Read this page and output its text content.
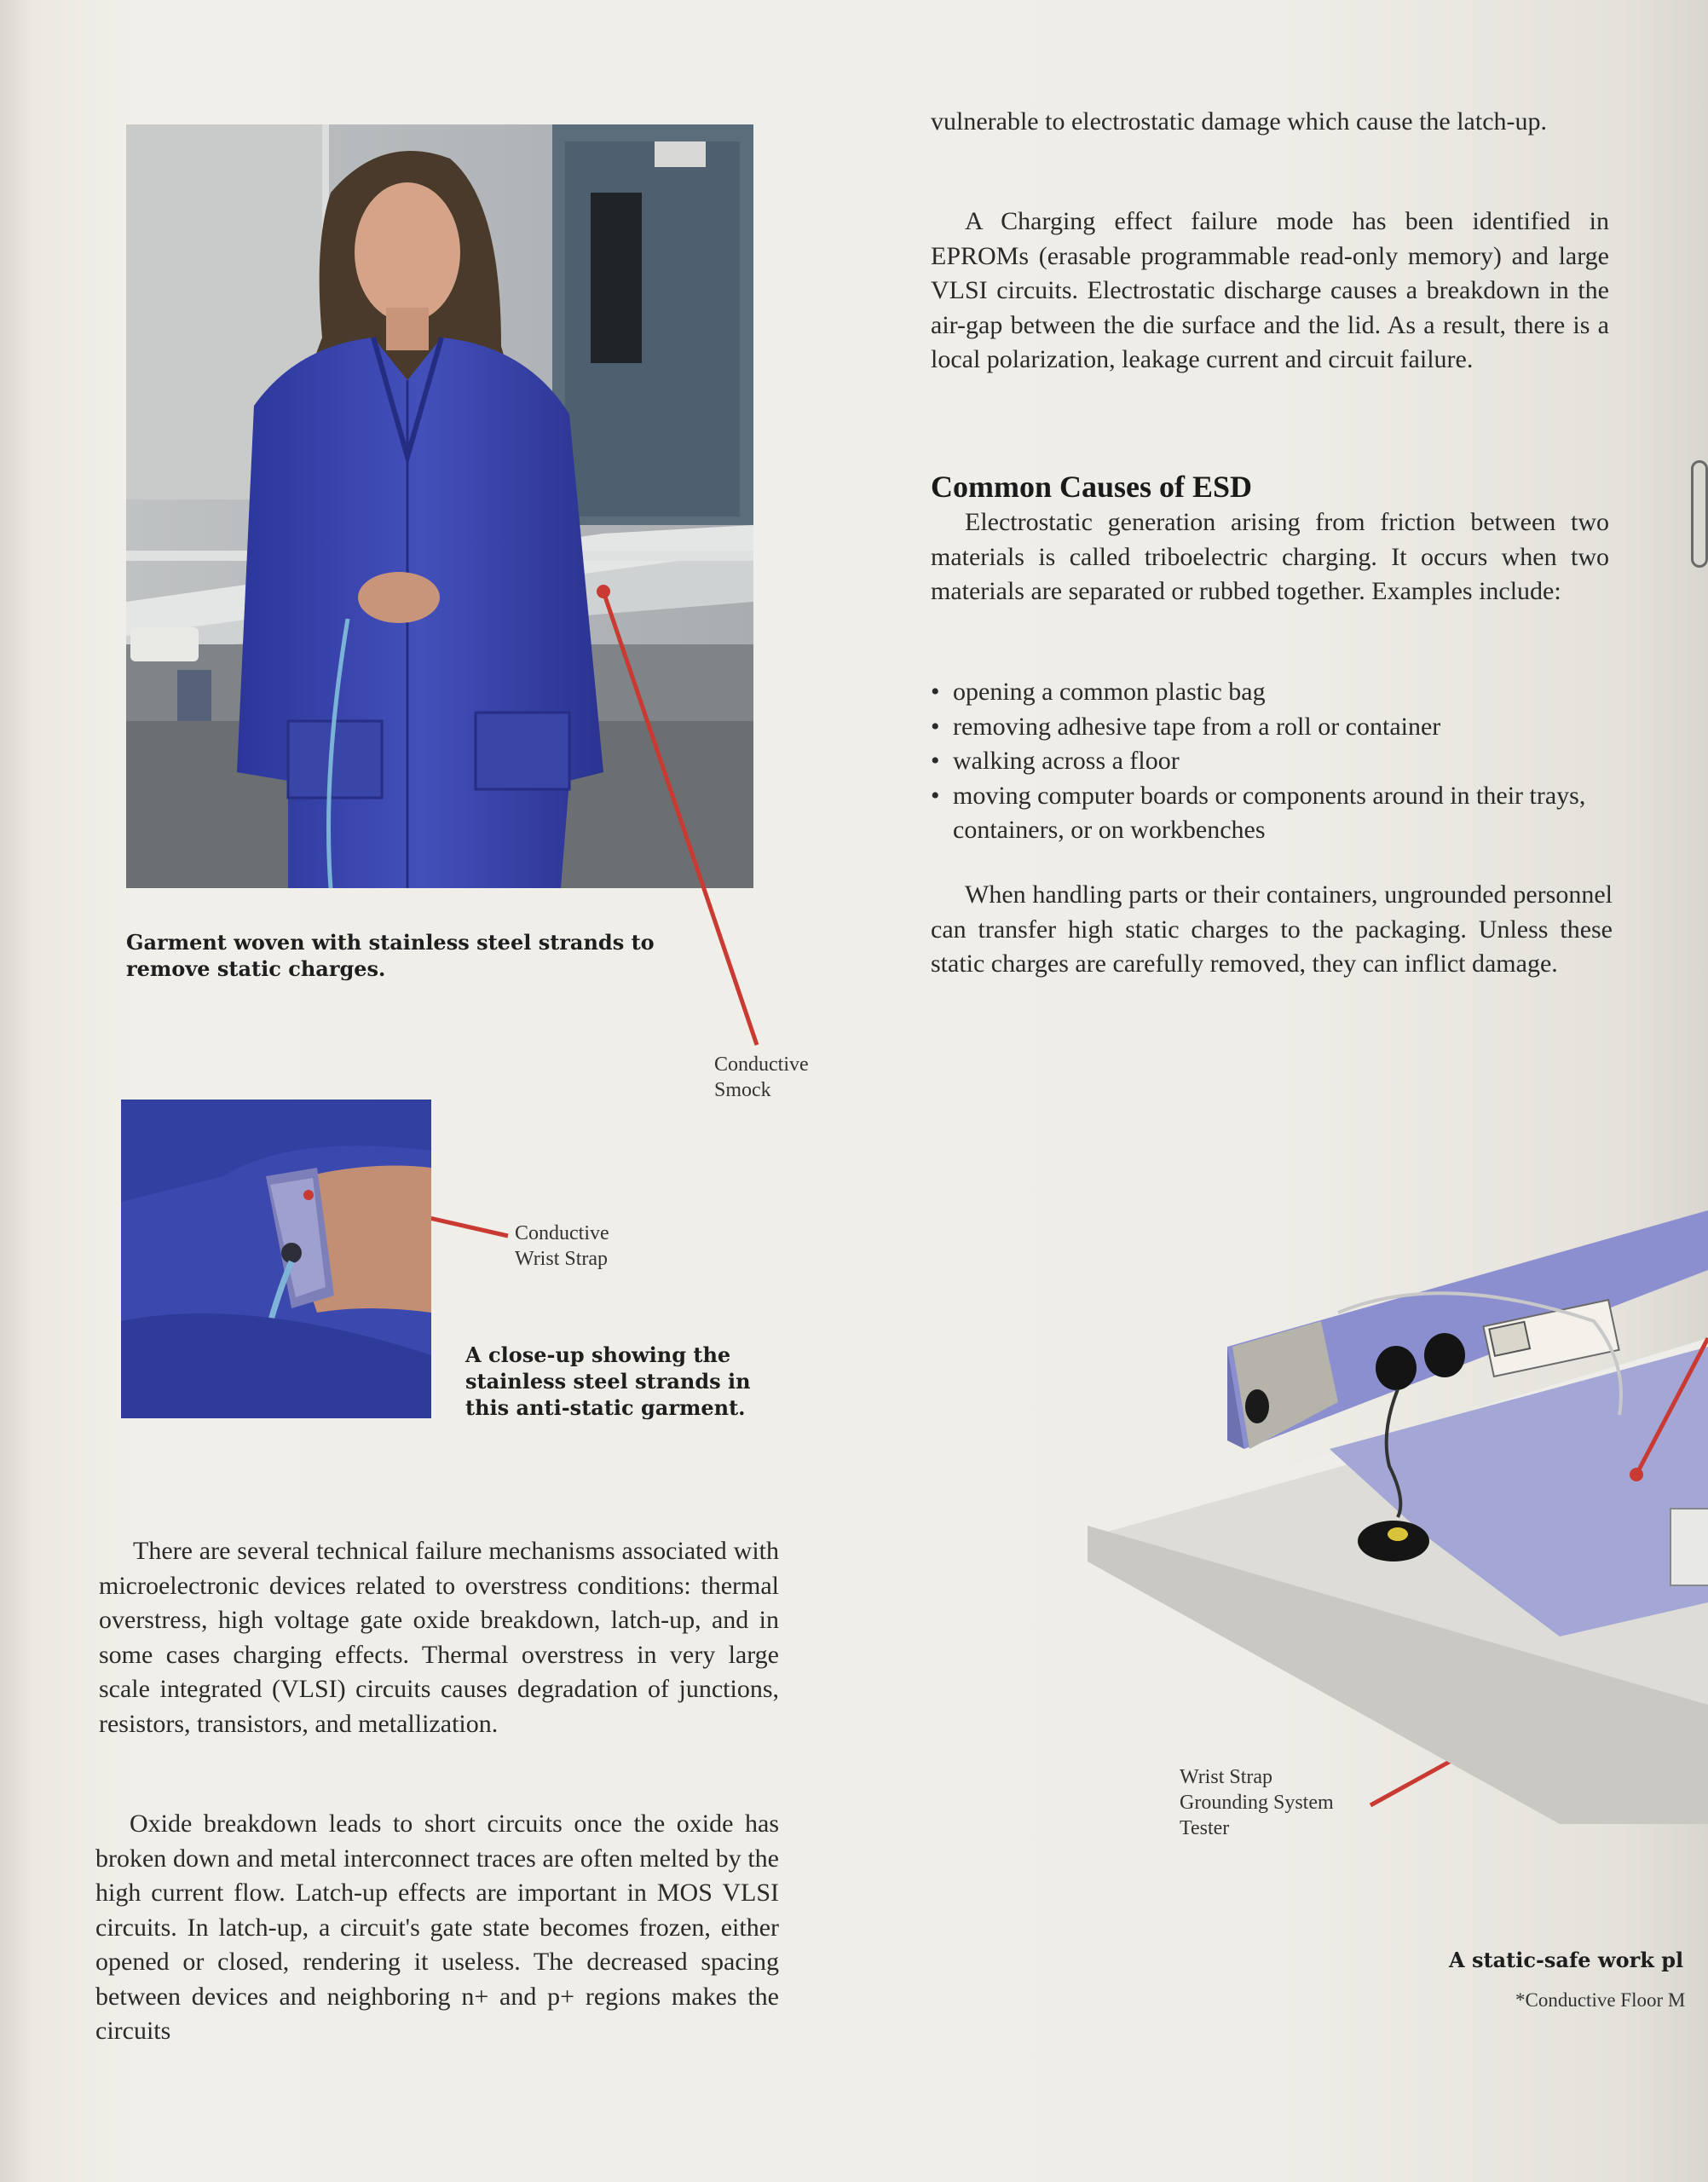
vulnerable to electrostatic damage which cause the latch-up.

A Charging effect failure mode has been identified in EPROMs (erasable programmable read-only memory) and large VLSI circuits. Electrostatic discharge causes a breakdown in the air-gap between the die surface and the lid. As a result, there is a local polarization, leakage current and circuit failure.

Common Causes of ESD

Electrostatic generation arising from friction between two materials is called triboelectric charging. It occurs when two materials are separated or rubbed together. Examples include:

• opening a common plastic bag
• removing adhesive tape from a roll or container
• walking across a floor
• moving computer boards or components around in their trays, containers, or on workbenches

When handling parts or their containers, ungrounded personnel can transfer high static charges to the packaging. Unless these static charges are carefully removed, they can inflict damage.

Garment woven with stainless steel strands to remove static charges.
Conductive
Smock
Conductive
Wrist Strap
A close-up showing the stainless steel strands in this anti-static garment.

There are several technical failure mechanisms associated with microelectronic devices related to overstress conditions: thermal overstress, high voltage gate oxide breakdown, latch-up, and in some cases charging effects. Thermal overstress in very large scale integrated (VLSI) circuits causes degradation of junctions, resistors, transistors, and metallization.

Oxide breakdown leads to short circuits once the oxide has broken down and metal interconnect traces are often melted by the high current flow. Latch-up effects are important in MOS VLSI circuits. In latch-up, a circuit's gate state becomes frozen, either opened or closed, rendering it useless. The decreased spacing between devices and neighboring n+ and p+ regions makes the circuits

Wrist Strap
Grounding System
Tester
A static-safe work pl
*Conductive Floor M
